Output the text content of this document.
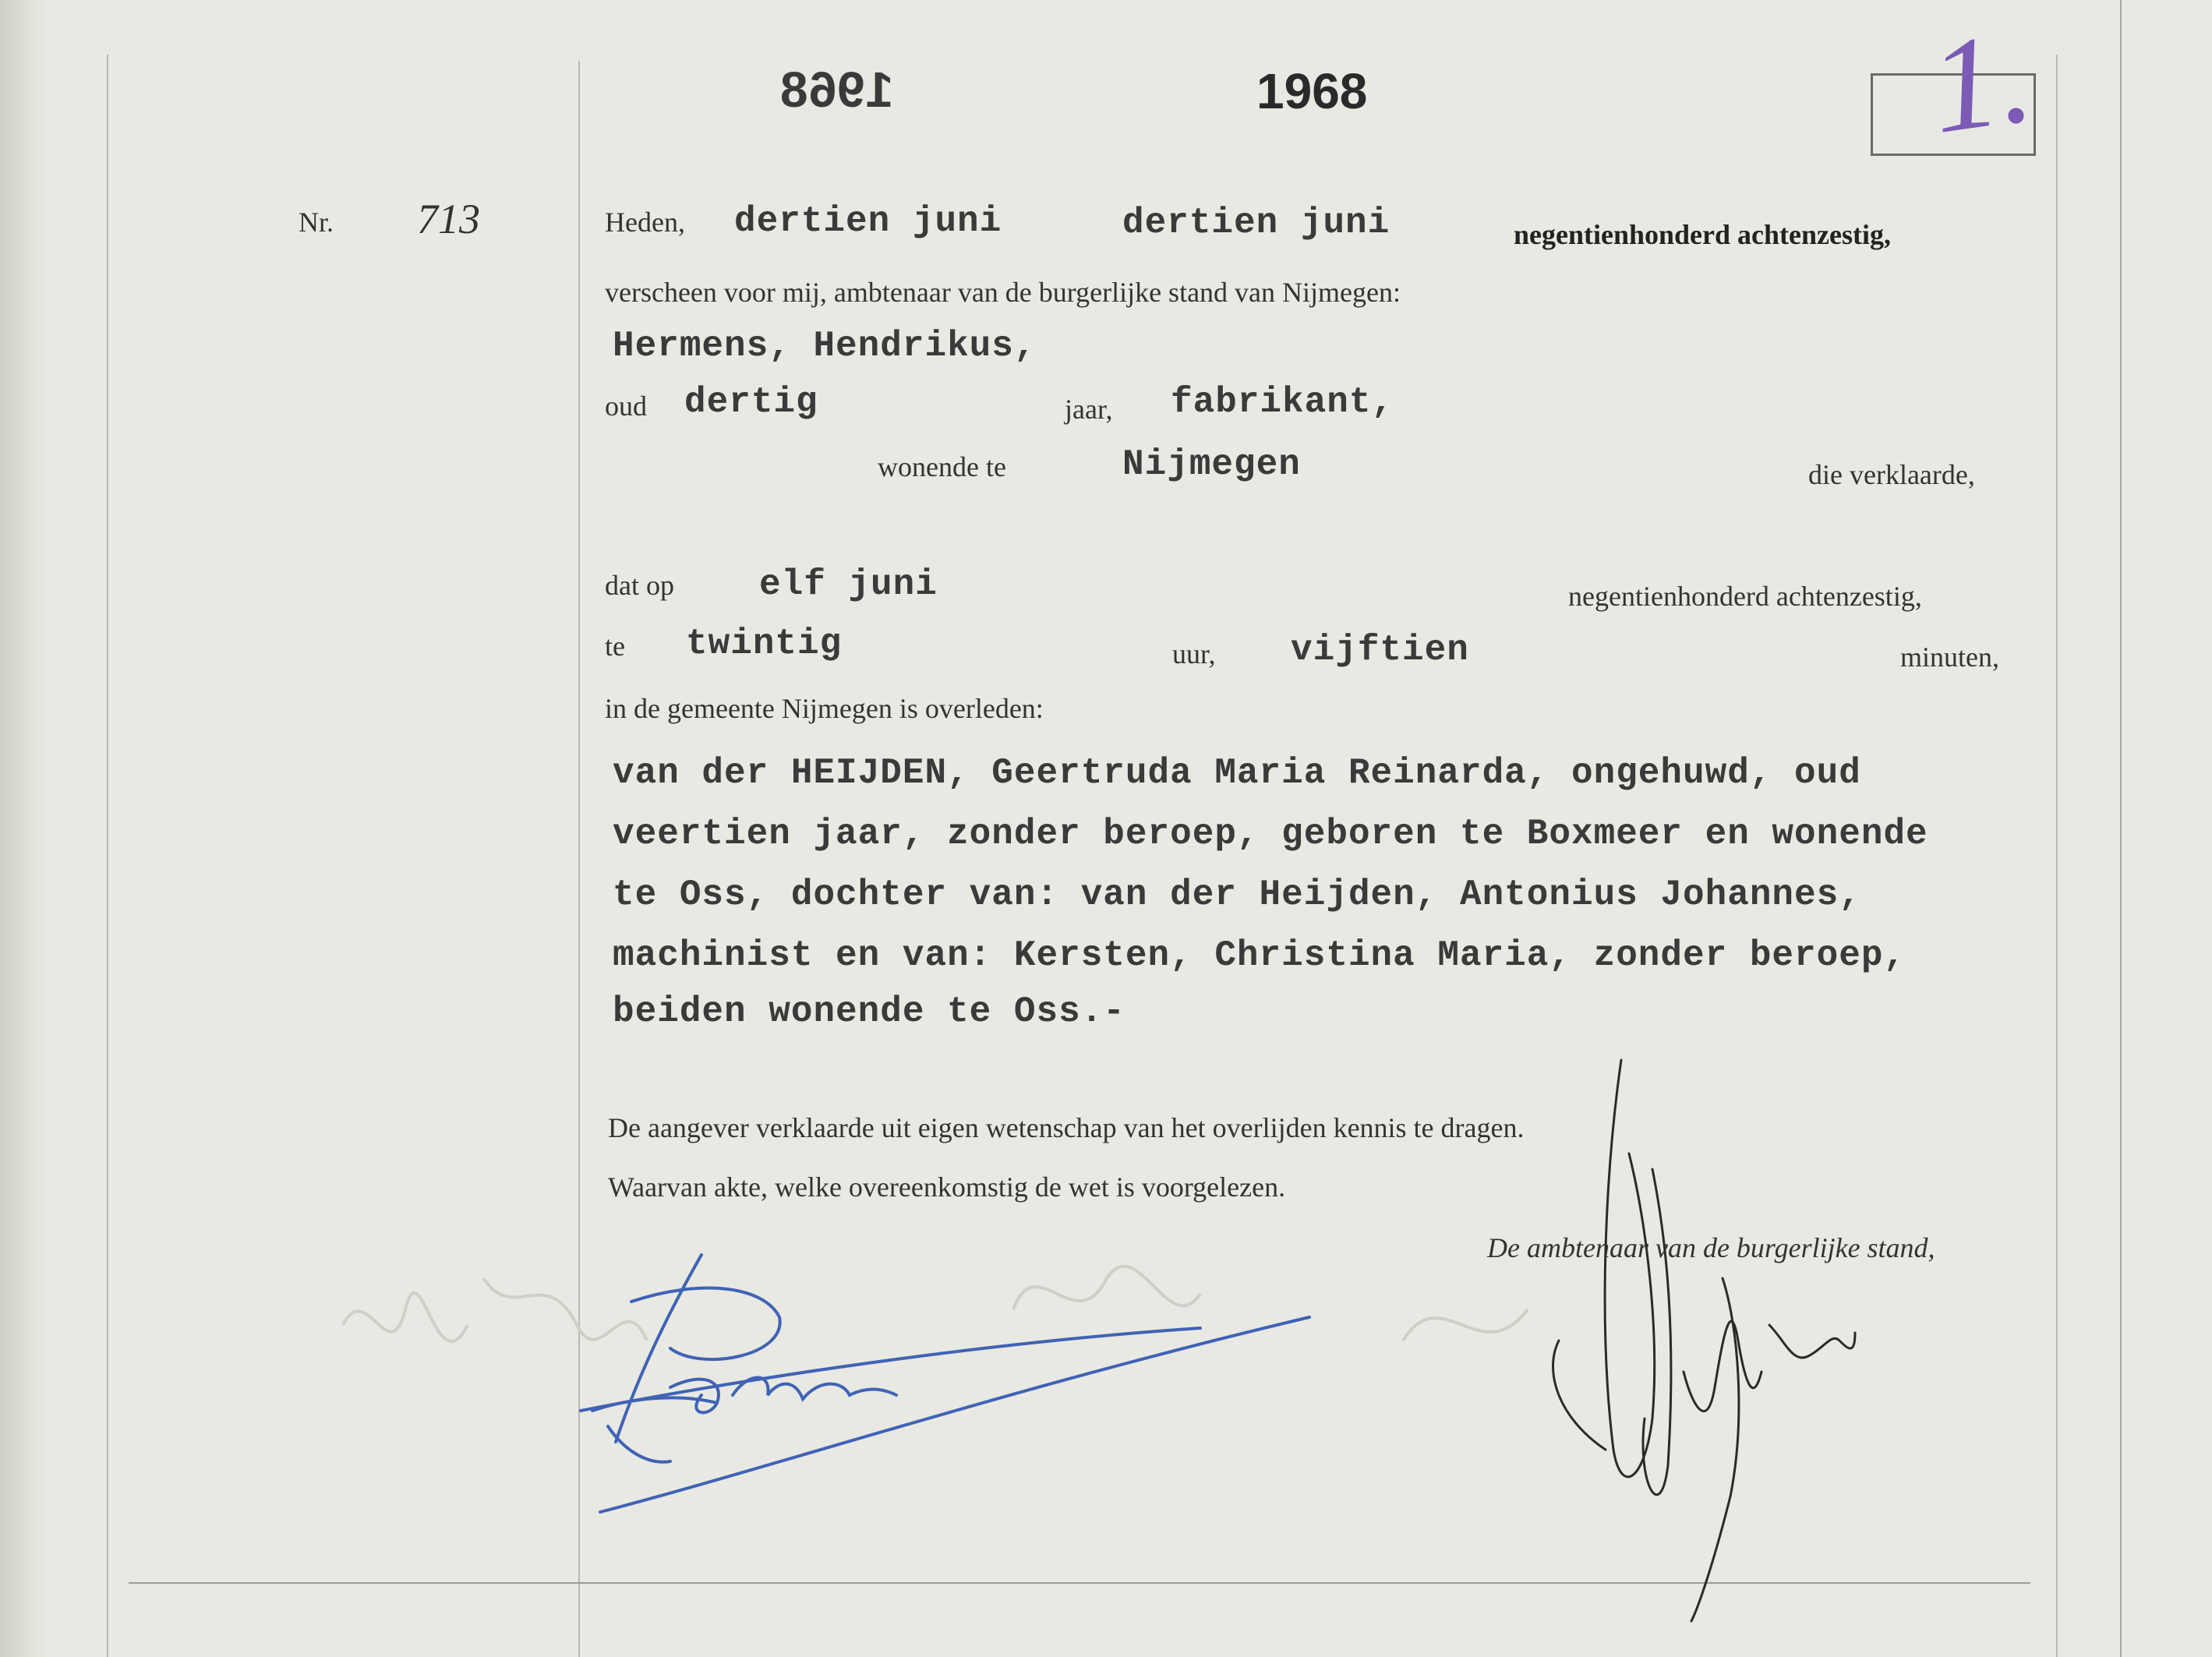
1968
dertien juni
1.
1968
Nr. 713	Heden, dertien juni	negentienhonderd achtenzestig,
verscheen voor mij, ambtenaar van de burgerlijke stand van Nijmegen:
Hermens, Hendrikus,
oud dertig	jaar, fabrikant,
wonende te	Nijmegen	die verklaarde,
dat op elf juni	negentienhonderd achtenzestig,
te twintig	uur, vijftien	minuten,
in de gemeente Nijmegen is overleden:
van der HEIJDEN, Geertruda Maria Reinarda, ongehuwd, oud
veertien jaar, zonder beroep, geboren te Boxmeer en wonende
te Oss, dochter van: van der Heijden, Antonius Johannes,
machinist en van: Kersten, Christina Maria, zonder beroep,
beiden wonende te Oss.-
De aangever verklaarde uit eigen wetenschap van het overlijden kennis te dragen.
Waarvan akte, welke overeenkomstig de wet is voorgelezen.
De ambtenaar van de burgerlijke stand,
